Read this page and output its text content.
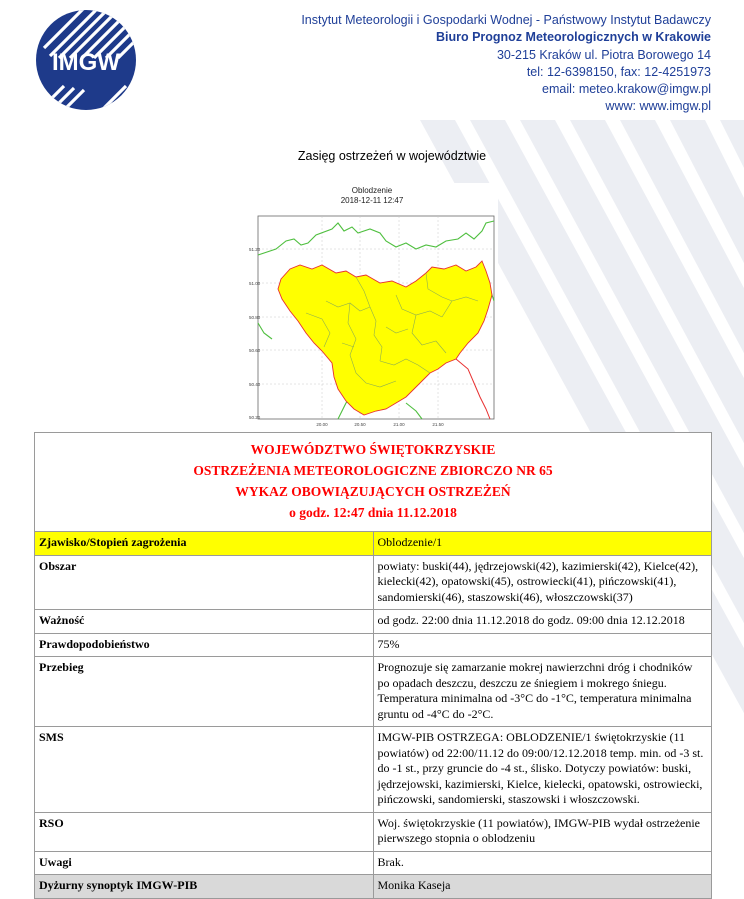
IMGW
Instytut Meteorologii i Gospodarki Wodnej - Państwowy Instytut Badawczy
Biuro Prognoz Meteorologicznych w Krakowie
30-215 Kraków ul. Piotra Borowego 14
tel: 12-6398150, fax: 12-4251973
email: meteo.krakow@imgw.pl
www: www.imgw.pl
Zasięg ostrzeżeń w województwie
Oblodzenie
2018-12-11 12:47
51.20
51.00
50.80
50.60
50.40
50.20
20.00	20.50	21.00	21.50
WOJEWÓDZTWO ŚWIĘTOKRZYSKIE
OSTRZEŻENIA METEOROLOGICZNE ZBIORCZO NR 65
WYKAZ OBOWIĄZUJĄCYCH OSTRZEŻEŃ
o godz. 12:47 dnia 11.12.2018	

Zjawisko/Stopień zagrożenia	Oblodzenie/1
Obszar	powiaty: buski(44), jędrzejowski(42), kazimierski(42), Kielce(42), kielecki(42), opatowski(45), ostrowiecki(41), pińczowski(41), sandomierski(46), staszowski(46), włoszczowski(37)
Ważność	od godz. 22:00 dnia 11.12.2018 do godz. 09:00 dnia 12.12.2018
Prawdopodobieństwo	75%
Przebieg	Prognozuje się zamarzanie mokrej nawierzchni dróg i chodników po opadach deszczu, deszczu ze śniegiem i mokrego śniegu. Temperatura minimalna od -3°C do -1°C, temperatura minimalna gruntu od -4°C do -2°C.
SMS	IMGW-PIB OSTRZEGA: OBLODZENIE/1 świętokrzyskie (11 powiatów) od 22:00/11.12 do 09:00/12.12.2018 temp. min. od -3 st. do -1 st., przy gruncie do -4 st., ślisko. Dotyczy powiatów: buski, jędrzejowski, kazimierski, Kielce, kielecki, opatowski, ostrowiecki, pińczowski, sandomierski, staszowski i włoszczowski.
RSO	Woj. świętokrzyskie (11 powiatów), IMGW-PIB wydał ostrzeżenie pierwszego stopnia o oblodzeniu
Uwagi	Brak.
Dyżurny synoptyk IMGW-PIB	Monika Kaseja
